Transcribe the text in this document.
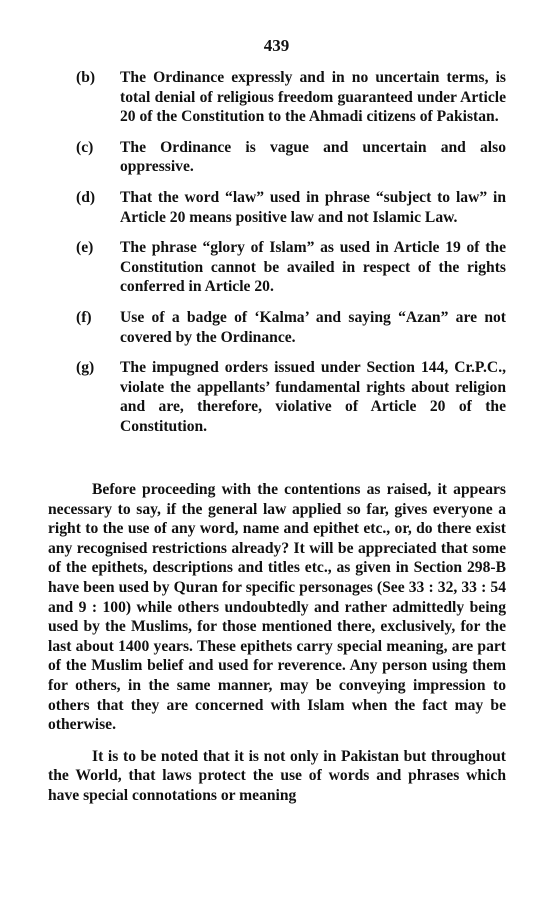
439
(b) The Ordinance expressly and in no uncertain terms, is total denial of religious freedom guaranteed under Article 20 of the Constitution to the Ahmadi citizens of Pakistan.
(c) The Ordinance is vague and uncertain and also oppressive.
(d) That the word “law” used in phrase “subject to law” in Article 20 means positive law and not Islamic Law.
(e) The phrase “glory of Islam” as used in Article 19 of the Constitution cannot be availed in respect of the rights conferred in Article 20.
(f) Use of a badge of ‘Kalma’ and saying “Azan” are not covered by the Ordinance.
(g) The impugned orders issued under Section 144, Cr.P.C., violate the appellants’ fundamental rights about religion and are, therefore, violative of Article 20 of the Constitution.

Before proceeding with the contentions as raised, it appears necessary to say, if the general law applied so far, gives everyone a right to the use of any word, name and epithet etc., or, do there exist any recognised restrictions already? It will be appreciated that some of the epithets, descriptions and titles etc., as given in Section 298-B have been used by Quran for specific personages (See 33 : 32, 33 : 54 and 9 : 100) while others undoubtedly and rather admittedly being used by the Muslims, for those mentioned there, exclusively, for the last about 1400 years. These epithets carry special meaning, are part of the Muslim belief and used for reverence. Any person using them for others, in the same manner, may be conveying impression to others that they are concerned with Islam when the fact may be otherwise.

It is to be noted that it is not only in Pakistan but throughout the World, that laws protect the use of words and phrases which have special connotations or meaning
